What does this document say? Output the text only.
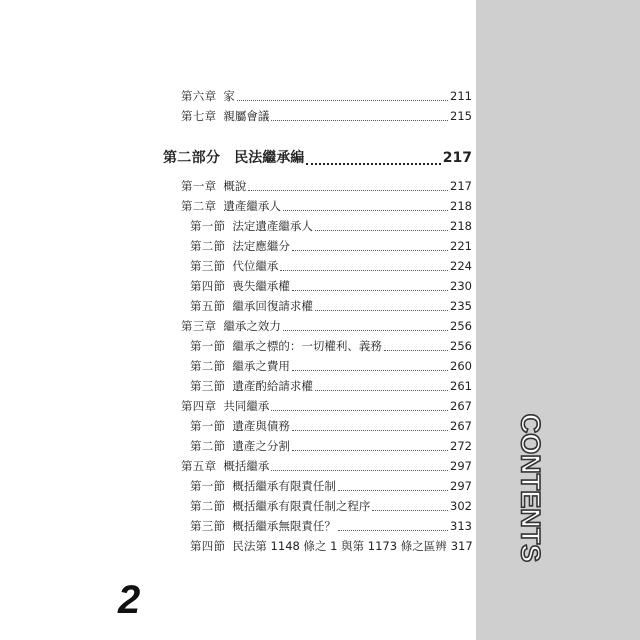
CONTENTS
第六章 家	211
第七章 親屬會議	215
第二部分 民法繼承編	217
第一章 概說	217
第二章 遺產繼承人	218
第一節 法定遺產繼承人	218
第二節 法定應繼分	221
第三節 代位繼承	224
第四節 喪失繼承權	230
第五節 繼承回復請求權	235
第三章 繼承之效力	256
第一節 繼承之標的：一切權利、義務	256
第二節 繼承之費用	260
第三節 遺產酌給請求權	261
第四章 共同繼承	267
第一節 遺產與債務	267
第二節 遺產之分割	272
第五章 概括繼承	297
第一節 概括繼承有限責任制	297
第二節 概括繼承有限責任制之程序	302
第三節 概括繼承無限責任？	313
第四節 民法第 1148 條之 1 與第 1173 條之區辨 317
2
